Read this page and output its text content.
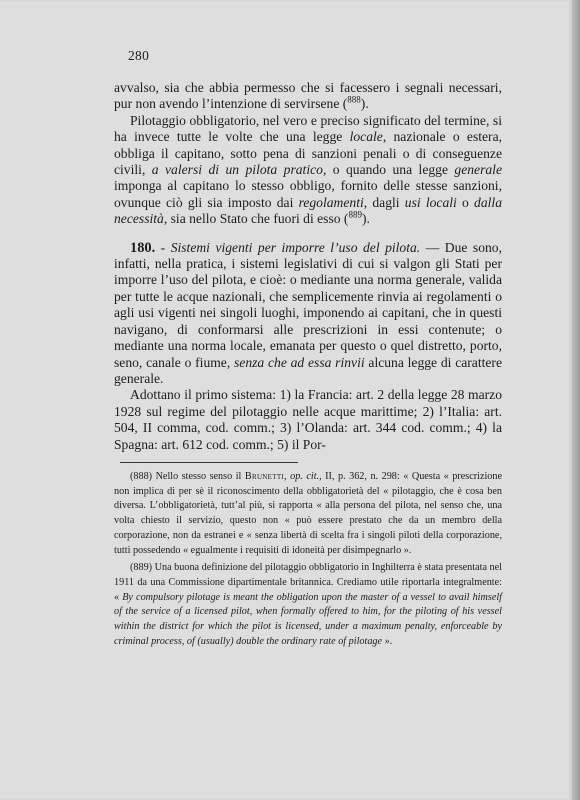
280

avvalso, sia che abbia permesso che si facessero i segnali necessari, pur non avendo l’intenzione di servirsene ($^{888}$).

Pilotaggio obbligatorio, nel vero e preciso significato del termine, si ha invece tutte le volte che una legge locale, nazionale o estera, obbliga il capitano, sotto pena di sanzioni penali o di conseguenze civili, a valersi di un pilota pratico, o quando una legge generale imponga al capitano lo stesso obbligo, fornito delle stesse sanzioni, ovunque ciò gli sia imposto dai regolamenti, dagli usi locali o dalla necessità, sia nello Stato che fuori di esso ($^{889}$).

180. - Sistemi vigenti per imporre l’uso del pilota. — Due sono, infatti, nella pratica, i sistemi legislativi di cui si valgon gli Stati per imporre l’uso del pilota, e cioè: o mediante una norma generale, valida per tutte le acque nazionali, che semplicemente rinvia ai regolamenti o agli usi vigenti nei singoli luoghi, imponendo ai capitani, che in questi navigano, di conformarsi alle prescrizioni in essi contenute; o mediante una norma locale, emanata per questo o quel distretto, porto, seno, canale o fiume, senza che ad essa rinvii alcuna legge di carattere generale.

Adottano il primo sistema: 1) la Francia: art. 2 della legge 28 marzo 1928 sul regime del pilotaggio nelle acque marittime; 2) l’Italia: art. 504, II comma, cod. comm.; 3) l’Olanda: art. 344 cod. comm.; 4) la Spagna: art. 612 cod. comm.; 5) il Por-

(888) Nello stesso senso il Brunetti, op. cit., II, p. 362, n. 298: « Questa « prescrizione non implica di per sè il riconoscimento della obbligatorietà del « pilotaggio, che è cosa ben diversa. L’obbligatorietà, tutt’al più, si rapporta « alla persona del pilota, nel senso che, una volta chiesto il servizio, questo non « può essere prestato che da un membro della corporazione, non da estranei e « senza libertà di scelta fra i singoli piloti della corporazione, tutti possedendo « egualmente i requisiti di idoneità per disimpegnarlo ».

(889) Una buona definizione del pilotaggio obbligatorio in Inghilterra è stata presentata nel 1911 da una Commissione dipartimentale britannica. Crediamo utile riportarla integralmente: « By compulsory pilotage is meant the obligation upon the master of a vessel to avail himself of the service of a licensed pilot, when formally offered to him, for the piloting of his vessel within the district for which the pilot is licensed, under a maximum penalty, enforceable by criminal process, of (usually) double the ordinary rate of pilotage ».
